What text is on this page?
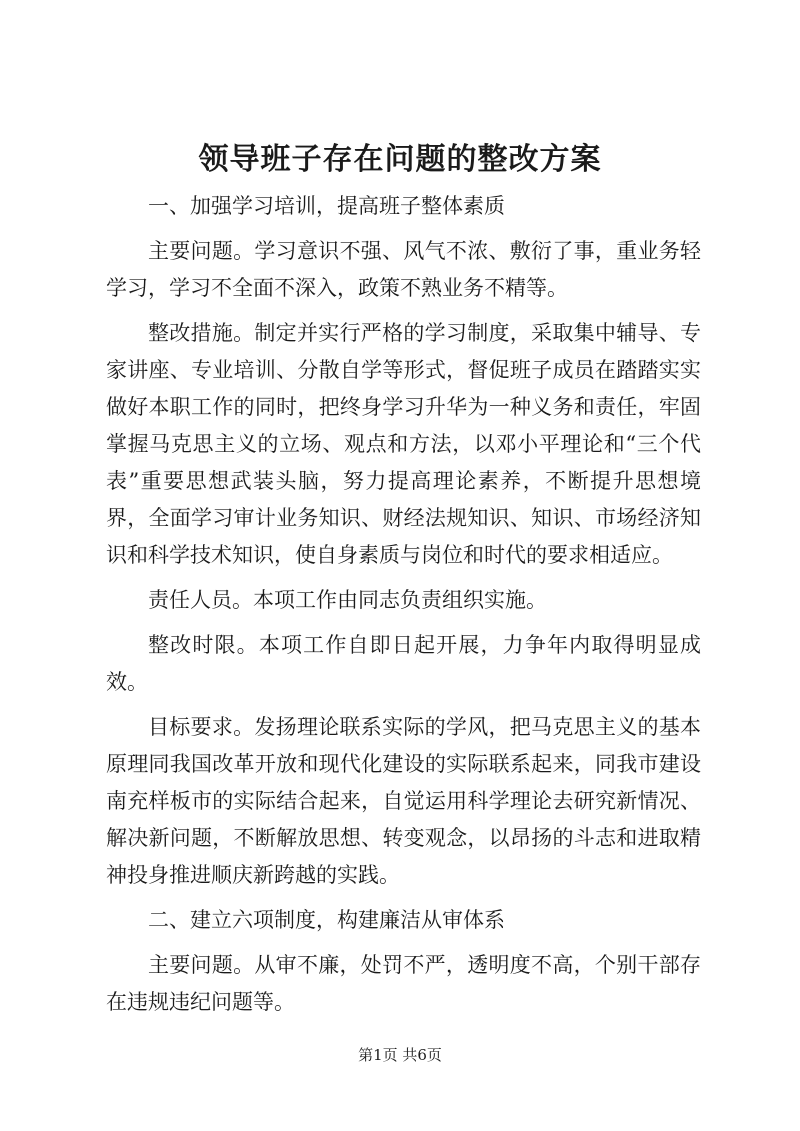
领导班子存在问题的整改方案

一、加强学习培训，提高班子整体素质

主要问题。学习意识不强、风气不浓、敷衍了事，重业务轻学习，学习不全面不深入，政策不熟业务不精等。

整改措施。制定并实行严格的学习制度，采取集中辅导、专家讲座、专业培训、分散自学等形式，督促班子成员在踏踏实实做好本职工作的同时，把终身学习升华为一种义务和责任，牢固掌握马克思主义的立场、观点和方法，以邓小平理论和“三个代表”重要思想武装头脑，努力提高理论素养，不断提升思想境界，全面学习审计业务知识、财经法规知识、知识、市场经济知识和科学技术知识，使自身素质与岗位和时代的要求相适应。

责任人员。本项工作由同志负责组织实施。

整改时限。本项工作自即日起开展，力争年内取得明显成效。

目标要求。发扬理论联系实际的学风，把马克思主义的基本原理同我国改革开放和现代化建设的实际联系起来，同我市建设南充样板市的实际结合起来，自觉运用科学理论去研究新情况、解决新问题，不断解放思想、转变观念，以昂扬的斗志和进取精神投身推进顺庆新跨越的实践。

二、建立六项制度，构建廉洁从审体系

主要问题。从审不廉，处罚不严，透明度不高，个别干部存在违规违纪问题等。

第1页 共6页
